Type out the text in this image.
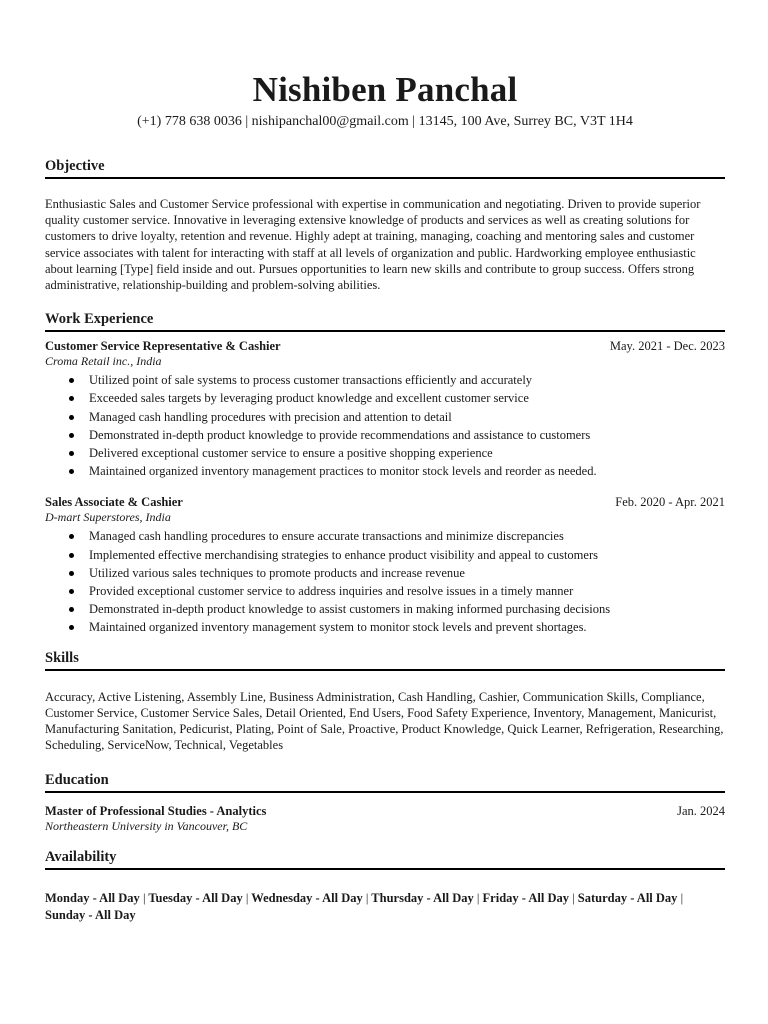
Nishiben Panchal
(+1) 778 638 0036 | nishipanchal00@gmail.com | 13145, 100 Ave, Surrey BC, V3T 1H4
Objective
Enthusiastic Sales and Customer Service professional with expertise in communication and negotiating. Driven to provide superior quality customer service. Innovative in leveraging extensive knowledge of products and services as well as creating solutions for customers to drive loyalty, retention and revenue. Highly adept at training, managing, coaching and mentoring sales and customer service associates with talent for interacting with staff at all levels of organization and public. Hardworking employee enthusiastic about learning [Type] field inside and out. Pursues opportunities to learn new skills and contribute to group success. Offers strong administrative, relationship-building and problem-solving abilities.
Work Experience
Customer Service Representative & Cashier	May. 2021 - Dec. 2023
Croma Retail inc., India
Utilized point of sale systems to process customer transactions efficiently and accurately
Exceeded sales targets by leveraging product knowledge and excellent customer service
Managed cash handling procedures with precision and attention to detail
Demonstrated in-depth product knowledge to provide recommendations and assistance to customers
Delivered exceptional customer service to ensure a positive shopping experience
Maintained organized inventory management practices to monitor stock levels and reorder as needed.
Sales Associate & Cashier	Feb. 2020 - Apr. 2021
D-mart Superstores, India
Managed cash handling procedures to ensure accurate transactions and minimize discrepancies
Implemented effective merchandising strategies to enhance product visibility and appeal to customers
Utilized various sales techniques to promote products and increase revenue
Provided exceptional customer service to address inquiries and resolve issues in a timely manner
Demonstrated in-depth product knowledge to assist customers in making informed purchasing decisions
Maintained organized inventory management system to monitor stock levels and prevent shortages.
Skills
Accuracy, Active Listening, Assembly Line, Business Administration, Cash Handling, Cashier, Communication Skills, Compliance, Customer Service, Customer Service Sales, Detail Oriented, End Users, Food Safety Experience, Inventory, Management, Manicurist, Manufacturing Sanitation, Pedicurist, Plating, Point of Sale, Proactive, Product Knowledge, Quick Learner, Refrigeration, Researching, Scheduling, ServiceNow, Technical, Vegetables
Education
Master of Professional Studies - Analytics	Jan. 2024
Northeastern University in Vancouver, BC
Availability
Monday - All Day | Tuesday - All Day | Wednesday - All Day | Thursday - All Day | Friday - All Day | Saturday - All Day | Sunday - All Day
